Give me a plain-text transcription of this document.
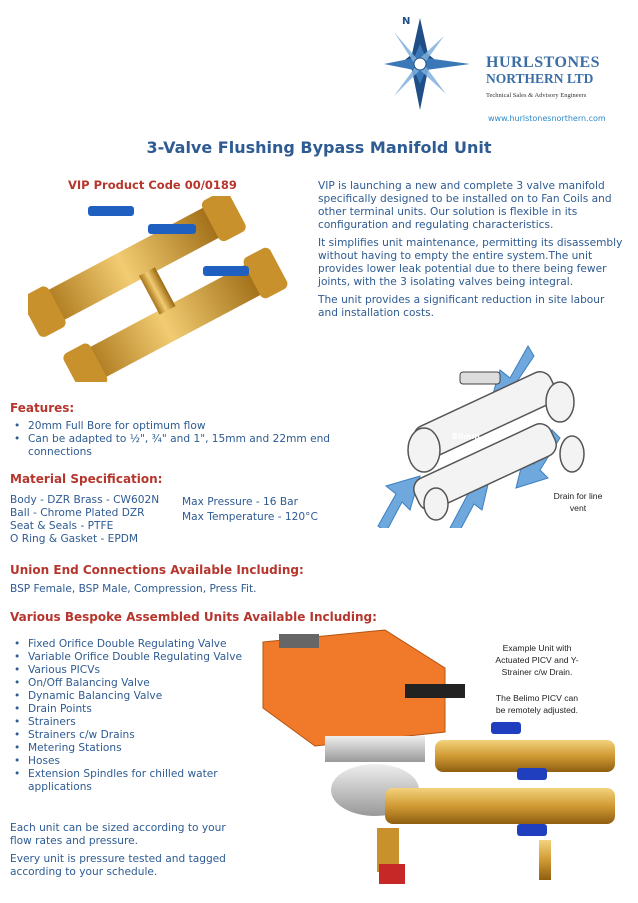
N
HURLSTONES
NORTHERN LTD
Technical Sales & Advisory Engineers
www.hurlstonesnorthern.com
3-Valve Flushing Bypass Manifold Unit
VIP Product Code 00/0189	VIP is launching a new and complete 3 valve manifold specifically designed to be installed on to Fan Coils and other terminal units. Our solution is flexible in its configuration and regulating characteristics.

It simplifies unit maintenance, permitting its disassembly without having to empty the entire system.The unit provides lower leak potential due to there being fewer joints, with the 3 isolating valves being integral.

The unit provides a significant reduction in site labour and installation costs.

Features:
• 20mm Full Bore for optimum flow
• Can be adapted to ½", ¾" and 1", 15mm and 22mm end connections
80mm
Drain for line vent
Material Specification:
Body - DZR Brass - CW602N
Ball - Chrome Plated DZR
Seat & Seals - PTFE
O Ring & Gasket - EPDM
Max Pressure - 16 Bar
Max Temperature - 120°C
Union End Connections Available Including:
BSP Female, BSP Male, Compression, Press Fit.
Various Bespoke Assembled Units Available Including:
• Fixed Orifice Double Regulating Valve
• Variable Orifice Double Regulating Valve
• Various PICVs
• On/Off Balancing Valve
• Dynamic Balancing Valve
• Drain Points
• Strainers
• Strainers c/w Drains
• Metering Stations
• Hoses
• Extension Spindles for chilled water applications

Each unit can be sized according to your flow rates and pressure.

Every unit is pressure tested and tagged according to your schedule.

Example Unit with Actuated PICV and Y-Strainer c/w Drain.
The Belimo PICV can be remotely adjusted.
